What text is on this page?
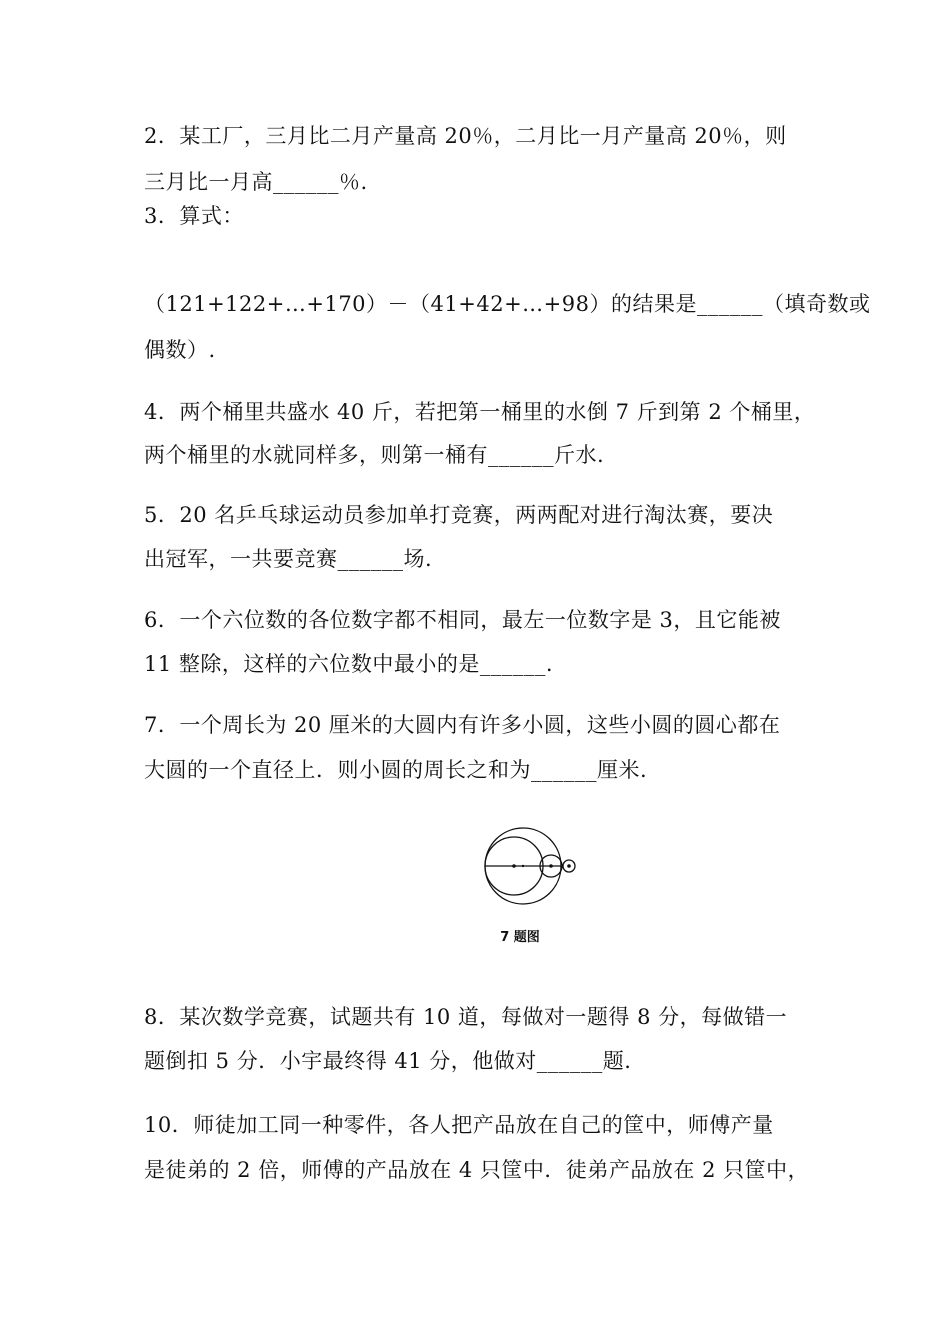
2．某工厂，三月比二月产量高 20％，二月比一月产量高 20％，则
三月比一月高______％.
3．算式：
（121+122+…+170）－（41+42+…+98）的结果是______（填奇数或
偶数）.
4．两个桶里共盛水 40 斤，若把第一桶里的水倒 7 斤到第 2 个桶里，
两个桶里的水就同样多，则第一桶有______斤水.
5．20 名乒乓球运动员参加单打竞赛，两两配对进行淘汰赛，要决
出冠军，一共要竞赛______场.
6．一个六位数的各位数字都不相同，最左一位数字是 3，且它能被
11 整除，这样的六位数中最小的是______.
7．一个周长为 20 厘米的大圆内有许多小圆，这些小圆的圆心都在
大圆的一个直径上．则小圆的周长之和为______厘米.
7 题图
8．某次数学竞赛，试题共有 10 道，每做对一题得 8 分，每做错一
题倒扣 5 分．小宇最终得 41 分，他做对______题.
10．师徒加工同一种零件，各人把产品放在自己的筐中，师傅产量
是徒弟的 2 倍，师傅的产品放在 4 只筐中．徒弟产品放在 2 只筐中，
